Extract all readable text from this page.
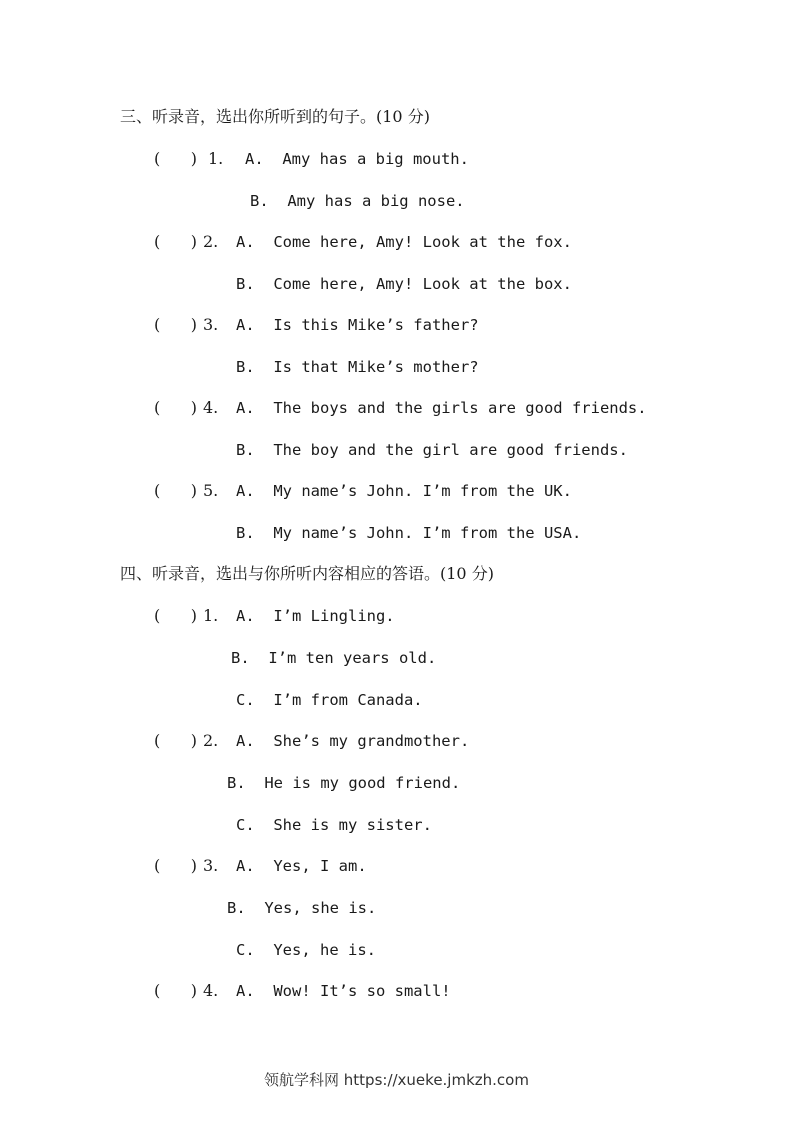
三、听录音，选出你所听到的句子。(10 分)
(      ) 1. A.  Amy has a big mouth.
B.  Amy has a big nose.
(      ) 2. A.  Come here, Amy! Look at the fox.
B.  Come here, Amy! Look at the box.
(      ) 3. A.  Is this Mike’s father?
B.  Is that Mike’s mother?
(      ) 4. A.  The boys and the girls are good friends.
B.  The boy and the girl are good friends.
(      ) 5. A.  My name’s John. I’m from the UK.
B.  My name’s John. I’m from the USA.
四、听录音，选出与你所听内容相应的答语。(10 分)
(      ) 1. A.  I’m Lingling.
B.  I’m ten years old.
C.  I’m from Canada.
(      ) 2. A.  She’s my grandmother.
B.  He is my good friend.
C.  She is my sister.
(      ) 3. A.  Yes, I am.
B.  Yes, she is.
C.  Yes, he is.
(      ) 4. A.  Wow! It’s so small!
领航学科网 https://xueke.jmkzh.com
